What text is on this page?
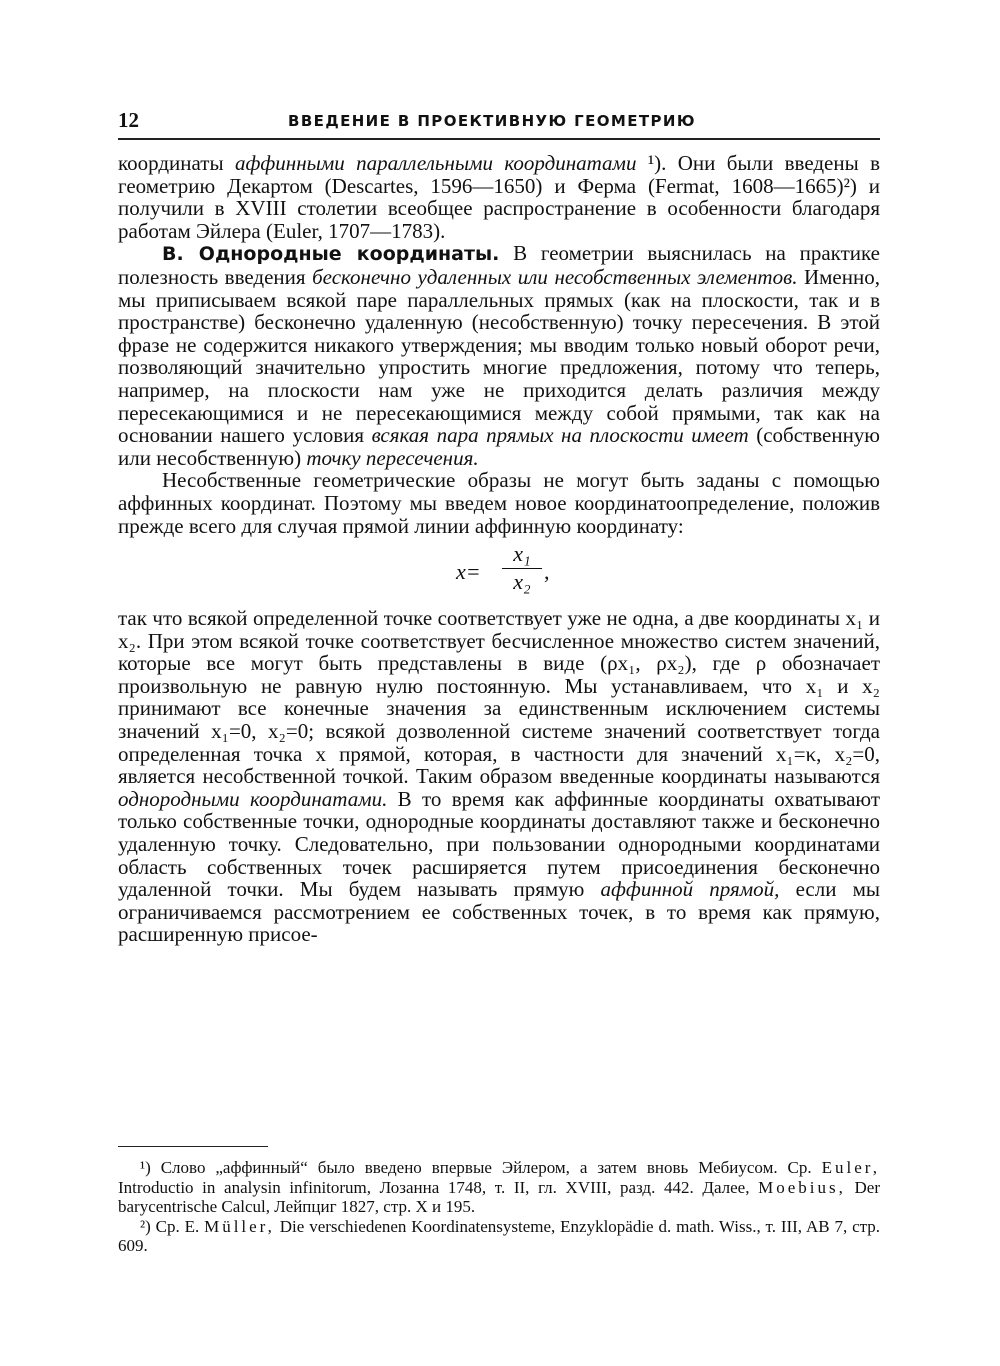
12	ВВЕДЕНИЕ В ПРОЕКТИВНУЮ ГЕОМЕТРИЮ

координаты аффинными параллельными координатами ¹). Они были введены в геометрию Декартом (Descartes, 1596—1650) и Ферма (Fermat, 1608—1665)²) и получили в XVIII столетии всеобщее распространение в особенности благодаря работам Эйлера (Euler, 1707—1783).

B. Однородные координаты. В геометрии выяснилась на практике полезность введения бесконечно удаленных или несобственных элементов. Именно, мы приписываем всякой паре параллельных прямых (как на плоскости, так и в пространстве) бесконечно удаленную (несобственную) точку пересечения. В этой фразе не содержится никакого утверждения; мы вводим только новый оборот речи, позволяющий значительно упростить многие предложения, потому что теперь, например, на плоскости нам уже не приходится делать различия между пересекающимися и не пересекающимися между собой прямыми, так как на основании нашего условия всякая пара прямых на плоскости имеет (собственную или несобственную) точку пересечения.

Несобственные геометрические образы не могут быть заданы с помощью аффинных координат. Поэтому мы введем новое координатоопределение, положив прежде всего для случая прямой линии аффинную координату:

$x= \frac{\text{x₁}}{\text{x₂}}$ ,

так что всякой определенной точке соответствует уже не одна, а две координаты x₁ и x₂. При этом всякой точке соответствует бесчисленное множество систем значений, которые все могут быть представлены в виде (ρx₁, ρx₂), где ρ обозначает произвольную не равную нулю постоянную. Мы устанавливаем, что x₁ и x₂ принимают все конечные значения за единственным исключением системы значений x₁=0, x₂=0; всякой дозволенной системе значений соответствует тогда определенная точка x прямой, которая, в частности для значений x₁=κ, x₂=0, является несобственной точкой. Таким образом введенные координаты называются однородными координатами. В то время как аффинные координаты охватывают только собственные точки, однородные координаты доставляют также и бесконечно удаленную точку. Следовательно, при пользовании однородными координатами область собственных точек расширяется путем присоединения бесконечно удаленной точки. Мы будем называть прямую аффинной прямой, если мы ограничиваемся рассмотрением ее собственных точек, в то время как прямую, расширенную присое-

¹) Слово „аффинный“ было введено впервые Эйлером, а затем вновь Мебиусом. Ср. Euler, Introductio in analysin infinitorum, Лозанна 1748, т. II, гл. XVIII, разд. 442. Далее, Moebius, Der barycentrische Calcul, Лейпциг 1827, стр. X и 195.

²) Ср. E. Müller, Die verschiedenen Koordinatensysteme, Enzyklopädie d. math. Wiss., т. III, AB 7, стр. 609.
